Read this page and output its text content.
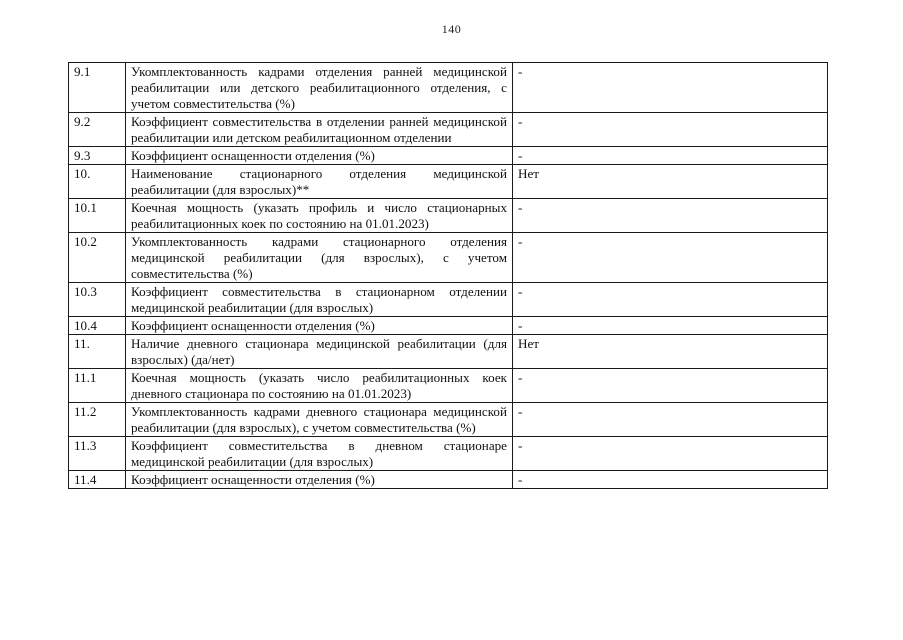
140
9.1	Укомплектованность кадрами отделения ранней медицинской реабилитации или детского реабилитационного отделения, с учетом совместительства (%)	-
9.2	Коэффициент совместительства в отделении ранней медицинской реабилитации или детском реабилитационном отделении	-
9.3	Коэффициент оснащенности отделения (%)	-
10.	Наименование стационарного отделения медицинской реабилитации (для взрослых)**	Нет
10.1	Коечная мощность (указать профиль и число стационарных реабилитационных коек по состоянию на 01.01.2023)	-
10.2	Укомплектованность кадрами стационарного отделения медицинской реабилитации (для взрослых), с учетом совместительства (%)	-
10.3	Коэффициент совместительства в стационарном отделении медицинской реабилитации (для взрослых)	-
10.4	Коэффициент оснащенности отделения (%)	-
11.	Наличие дневного стационара медицинской реабилитации (для взрослых) (да/нет)	Нет
11.1	Коечная мощность (указать число реабилитационных коек дневного стационара по состоянию на 01.01.2023)	-
11.2	Укомплектованность кадрами дневного стационара медицинской реабилитации (для взрослых), с учетом совместительства (%)	-
11.3	Коэффициент совместительства в дневном стационаре медицинской реабилитации (для взрослых)	-
11.4	Коэффициент оснащенности отделения (%)	-
